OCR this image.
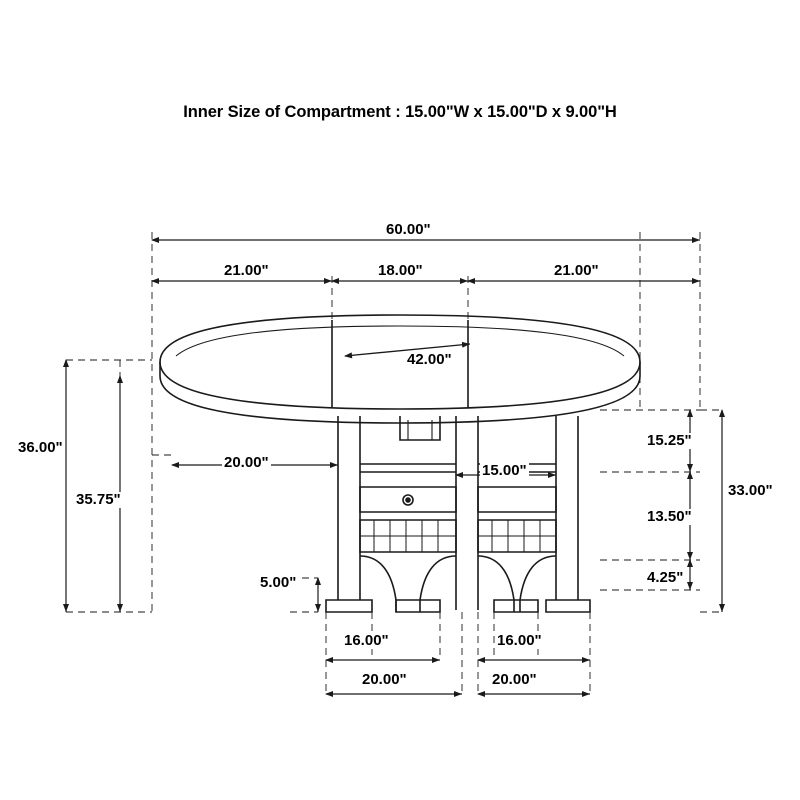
Inner Size of Compartment : 15.00"W x 15.00"D x 9.00"H
60.00"
21.00"	18.00"	21.00"
42.00"
36.00"
35.75"
20.00"	15.00"
15.25"
33.00"
13.50"
4.25"
5.00"
16.00"	16.00"
20.00"	20.00"
